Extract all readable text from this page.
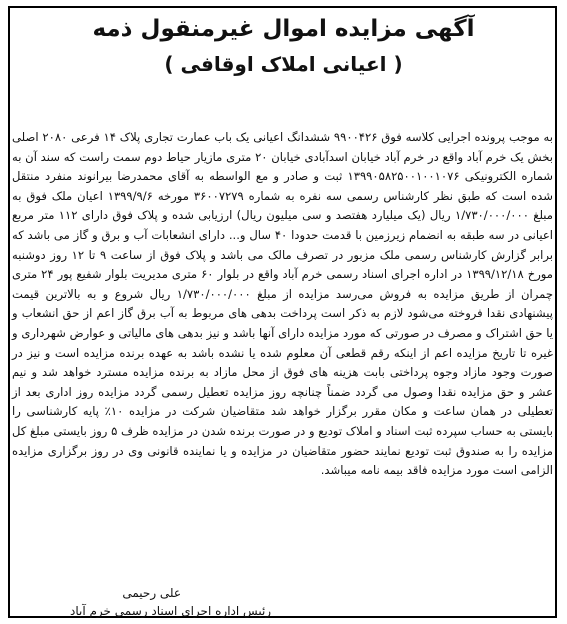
آگهی مزایده اموال غیرمنقول ذمه
( اعیانی املاک اوقافی )

به موجب پرونده اجرایی کلاسه فوق ۹۹۰۰۴۲۶ ششدانگ اعیانی یک باب عمارت تجاری پلاک ۱۴ فرعی ۲۰۸۰ اصلی بخش یک خرم آباد واقع در خرم آباد خیابان اسدآبادی خیابان ۲۰ متری مازیار حیاط دوم سمت راست که سند آن به شماره الکترونیکی ۱۳۹۹۰۵۸۲۵۰۰۱۰۰۱۰۷۶ ثبت و صادر و مع الواسطه به آقای محمدرضا بیرانوند منفرد منتقل شده است که طبق نظر کارشناس رسمی سه نفره به شماره ۳۶۰۰۷۲۷۹ مورخه ۱۳۹۹/۹/۶ اعیان ملک فوق به مبلغ ۱/۷۳۰/۰۰۰/۰۰۰ ریال (یک میلیارد هفتصد و سی میلیون ریال) ارزیابی شده و پلاک فوق دارای ۱۱۲ متر مربع اعیانی در سه طبقه به انضمام زیرزمین با قدمت حدودا ۴۰ سال و... دارای انشعابات آب و برق و گاز می باشد که برابر گزارش کارشناس رسمی ملک مزبور در تصرف مالک می باشد و پلاک فوق از ساعت ۹ تا ۱۲ روز دوشنبه مورخ ۱۳۹۹/۱۲/۱۸ در اداره اجرای اسناد رسمی خرم آباد واقع در بلوار ۶۰ متری مدیریت بلوار شفیع پور ۲۴ متری چمران از طریق مزایده به فروش می‌رسد مزایده از مبلغ ۱/۷۳۰/۰۰۰/۰۰۰ ریال شروع و به بالاترین قیمت پیشنهادی نقدا فروخته می‌شود لازم به ذکر است پرداخت بدهی های مربوط به آب برق گاز اعم از حق انشعاب و یا حق اشتراک و مصرف در صورتی که مورد مزایده دارای آنها باشد و نیز بدهی های مالیاتی و عوارض شهرداری و غیره تا تاریخ مزایده اعم از اینکه رقم قطعی آن معلوم شده یا نشده باشد به عهده برنده مزایده است و نیز در صورت وجود مازاد وجوه پرداختی بابت هزینه های فوق از محل مازاد به برنده مزایده مسترد خواهد شد و نیم عشر و حق مزایده نقدا وصول می گردد ضمناً چنانچه روز مزایده تعطیل رسمی گردد مزایده روز اداری بعد از تعطیلی در همان ساعت و مکان مقرر برگزار خواهد شد متقاضیان شرکت در مزایده ۱۰٪ پایه کارشناسی را بایستی به حساب سپرده ثبت اسناد و املاک تودیع و در صورت برنده شدن در مزایده ظرف ۵ روز بایستی مبلغ کل مزایده را به صندوق ثبت تودیع نمایند حضور متقاضیان در مزایده و یا نماینده قانونی وی در روز برگزاری مزایده الزامی است مورد مزایده فاقد بیمه نامه میباشد.

علی رحیمی
رئیس اداره اجرای اسناد رسمی خرم آباد
